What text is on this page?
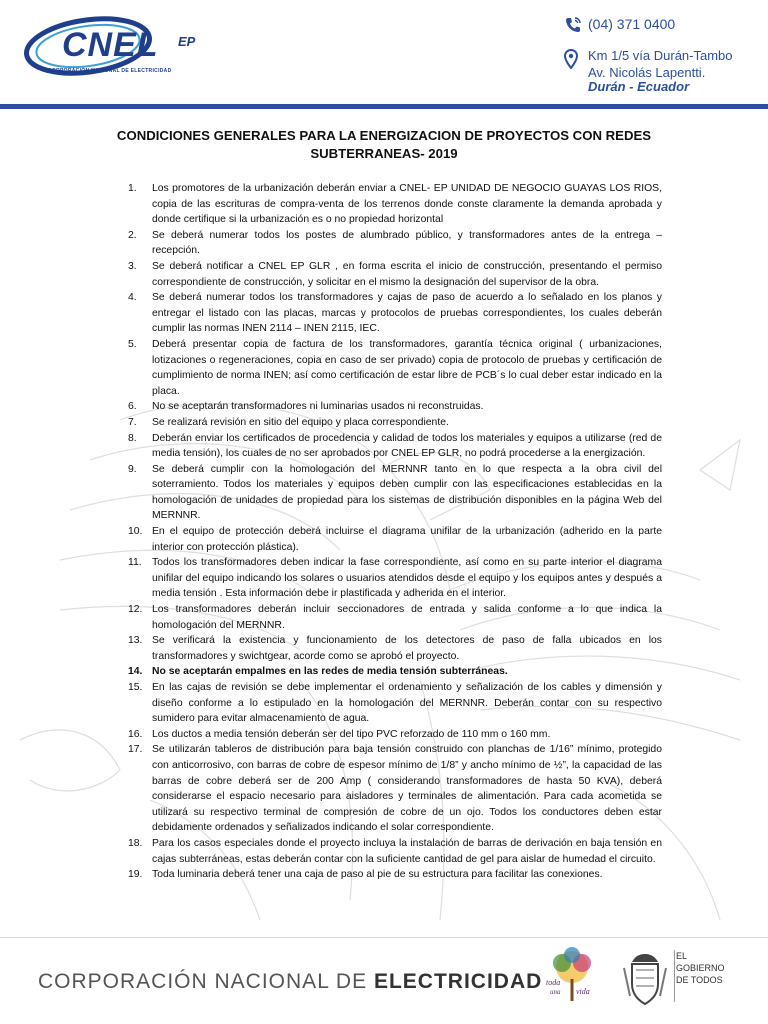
CNEL EP
CORPORACIÓN NACIONAL DE ELECTRICIDAD
(04) 371 0400
Km 1/5 vía Durán-Tambo
Av. Nicolás Lapentti.
Durán - Ecuador
CONDICIONES GENERALES PARA LA ENERGIZACION DE PROYECTOS CON REDES SUBTERRANEAS- 2019
1. Los promotores de la urbanización deberán enviar a CNEL- EP UNIDAD DE NEGOCIO GUAYAS LOS RIOS, copia de las escrituras de compra-venta de los terrenos donde conste claramente la demanda aprobada y donde certifique si la urbanización es o no propiedad horizontal
2. Se deberá numerar todos los postes de alumbrado público, y transformadores antes de la entrega – recepción.
3. Se deberá notificar a CNEL EP GLR , en forma escrita el inicio de construcción, presentando el permiso correspondiente de construcción, y solicitar en el mismo la designación del supervisor de la obra.
4. Se deberá numerar todos los transformadores y cajas de paso de acuerdo a lo señalado en los planos y entregar el listado con las placas, marcas y protocolos de pruebas correspondientes, los cuales deberán cumplir las normas INEN 2114 – INEN 2115, IEC.
5. Deberá presentar copia de factura de los transformadores, garantía técnica original ( urbanizaciones, lotizaciones o regeneraciones, copia en caso de ser privado) copia de protocolo de pruebas y certificación de cumplimiento de norma INEN; así como certificación de estar libre de PCB´s lo cual deber estar indicado en la placa.
6. No se aceptarán transformadores ni luminarias usados ni reconstruidas.
7. Se realizará revisión en sitio del equipo y placa correspondiente.
8. Deberán enviar los certificados de procedencia y calidad de todos los materiales y equipos a utilizarse (red de media tensión), los cuales de no ser aprobados por CNEL EP GLR, no podrá procederse a la energización.
9. Se deberá cumplir con la homologación del MERNNR tanto en lo que respecta a la obra civil del soterramiento. Todos los materiales y equipos deben cumplir con las especificaciones establecidas en la homologación de unidades de propiedad para los sistemas de distribución disponibles en la página Web del MERNNR.
10. En el equipo de protección deberá incluirse el diagrama unifilar de la urbanización (adherido en la parte interior con protección plástica).
11. Todos los transformadores deben indicar la fase correspondiente, así como en su parte interior el diagrama unifilar del equipo indicando los solares o usuarios atendidos desde el equipo y los equipos antes y después a media tensión . Esta información debe ir plastificada y adherida en el interior.
12. Los transformadores deberán incluir seccionadores de entrada y salida conforme a lo que indica la homologación del MERNNR.
13. Se verificará la existencia y funcionamiento de los detectores de paso de falla ubicados en los transformadores y swichtgear, acorde como se aprobó el proyecto.
14. No se aceptarán empalmes en las redes de media tensión subterráneas.
15. En las cajas de revisión se debe implementar el ordenamiento y señalización de los cables y dimensión y diseño conforme a lo estipulado en la homologación del MERNNR. Deberán contar con su respectivo sumidero para evitar almacenamiento de agua.
16. Los ductos a media tensión deberán ser del tipo PVC reforzado de 110 mm o 160 mm.
17. Se utilizarán tableros de distribución para baja tensión construido con planchas de 1/16” mínimo, protegido con anticorrosivo, con barras de cobre de espesor mínimo de 1/8” y ancho mínimo de ½”, la capacidad de las barras de cobre deberá ser de 200 Amp ( considerando transformadores de hasta 50 KVA), deberá considerarse el espacio necesario para aisladores y terminales de alimentación. Para cada acometida se utilizará su respectivo terminal de compresión de cobre de un ojo. Todos los conductores deben estar debidamente ordenados y señalizados indicando el solar correspondiente.
18. Para los casos especiales donde el proyecto incluya la instalación de barras de derivación en baja tensión en cajas subterráneas, estas deberán contar con la suficiente cantidad de gel para aislar de humedad el circuito.
19. Toda luminaria deberá tener una caja de paso al pie de su estructura para facilitar las conexiones.
CORPORACIÓN NACIONAL DE ELECTRICIDAD toda
una vida
EL
GOBIERNO
DE TODOS
